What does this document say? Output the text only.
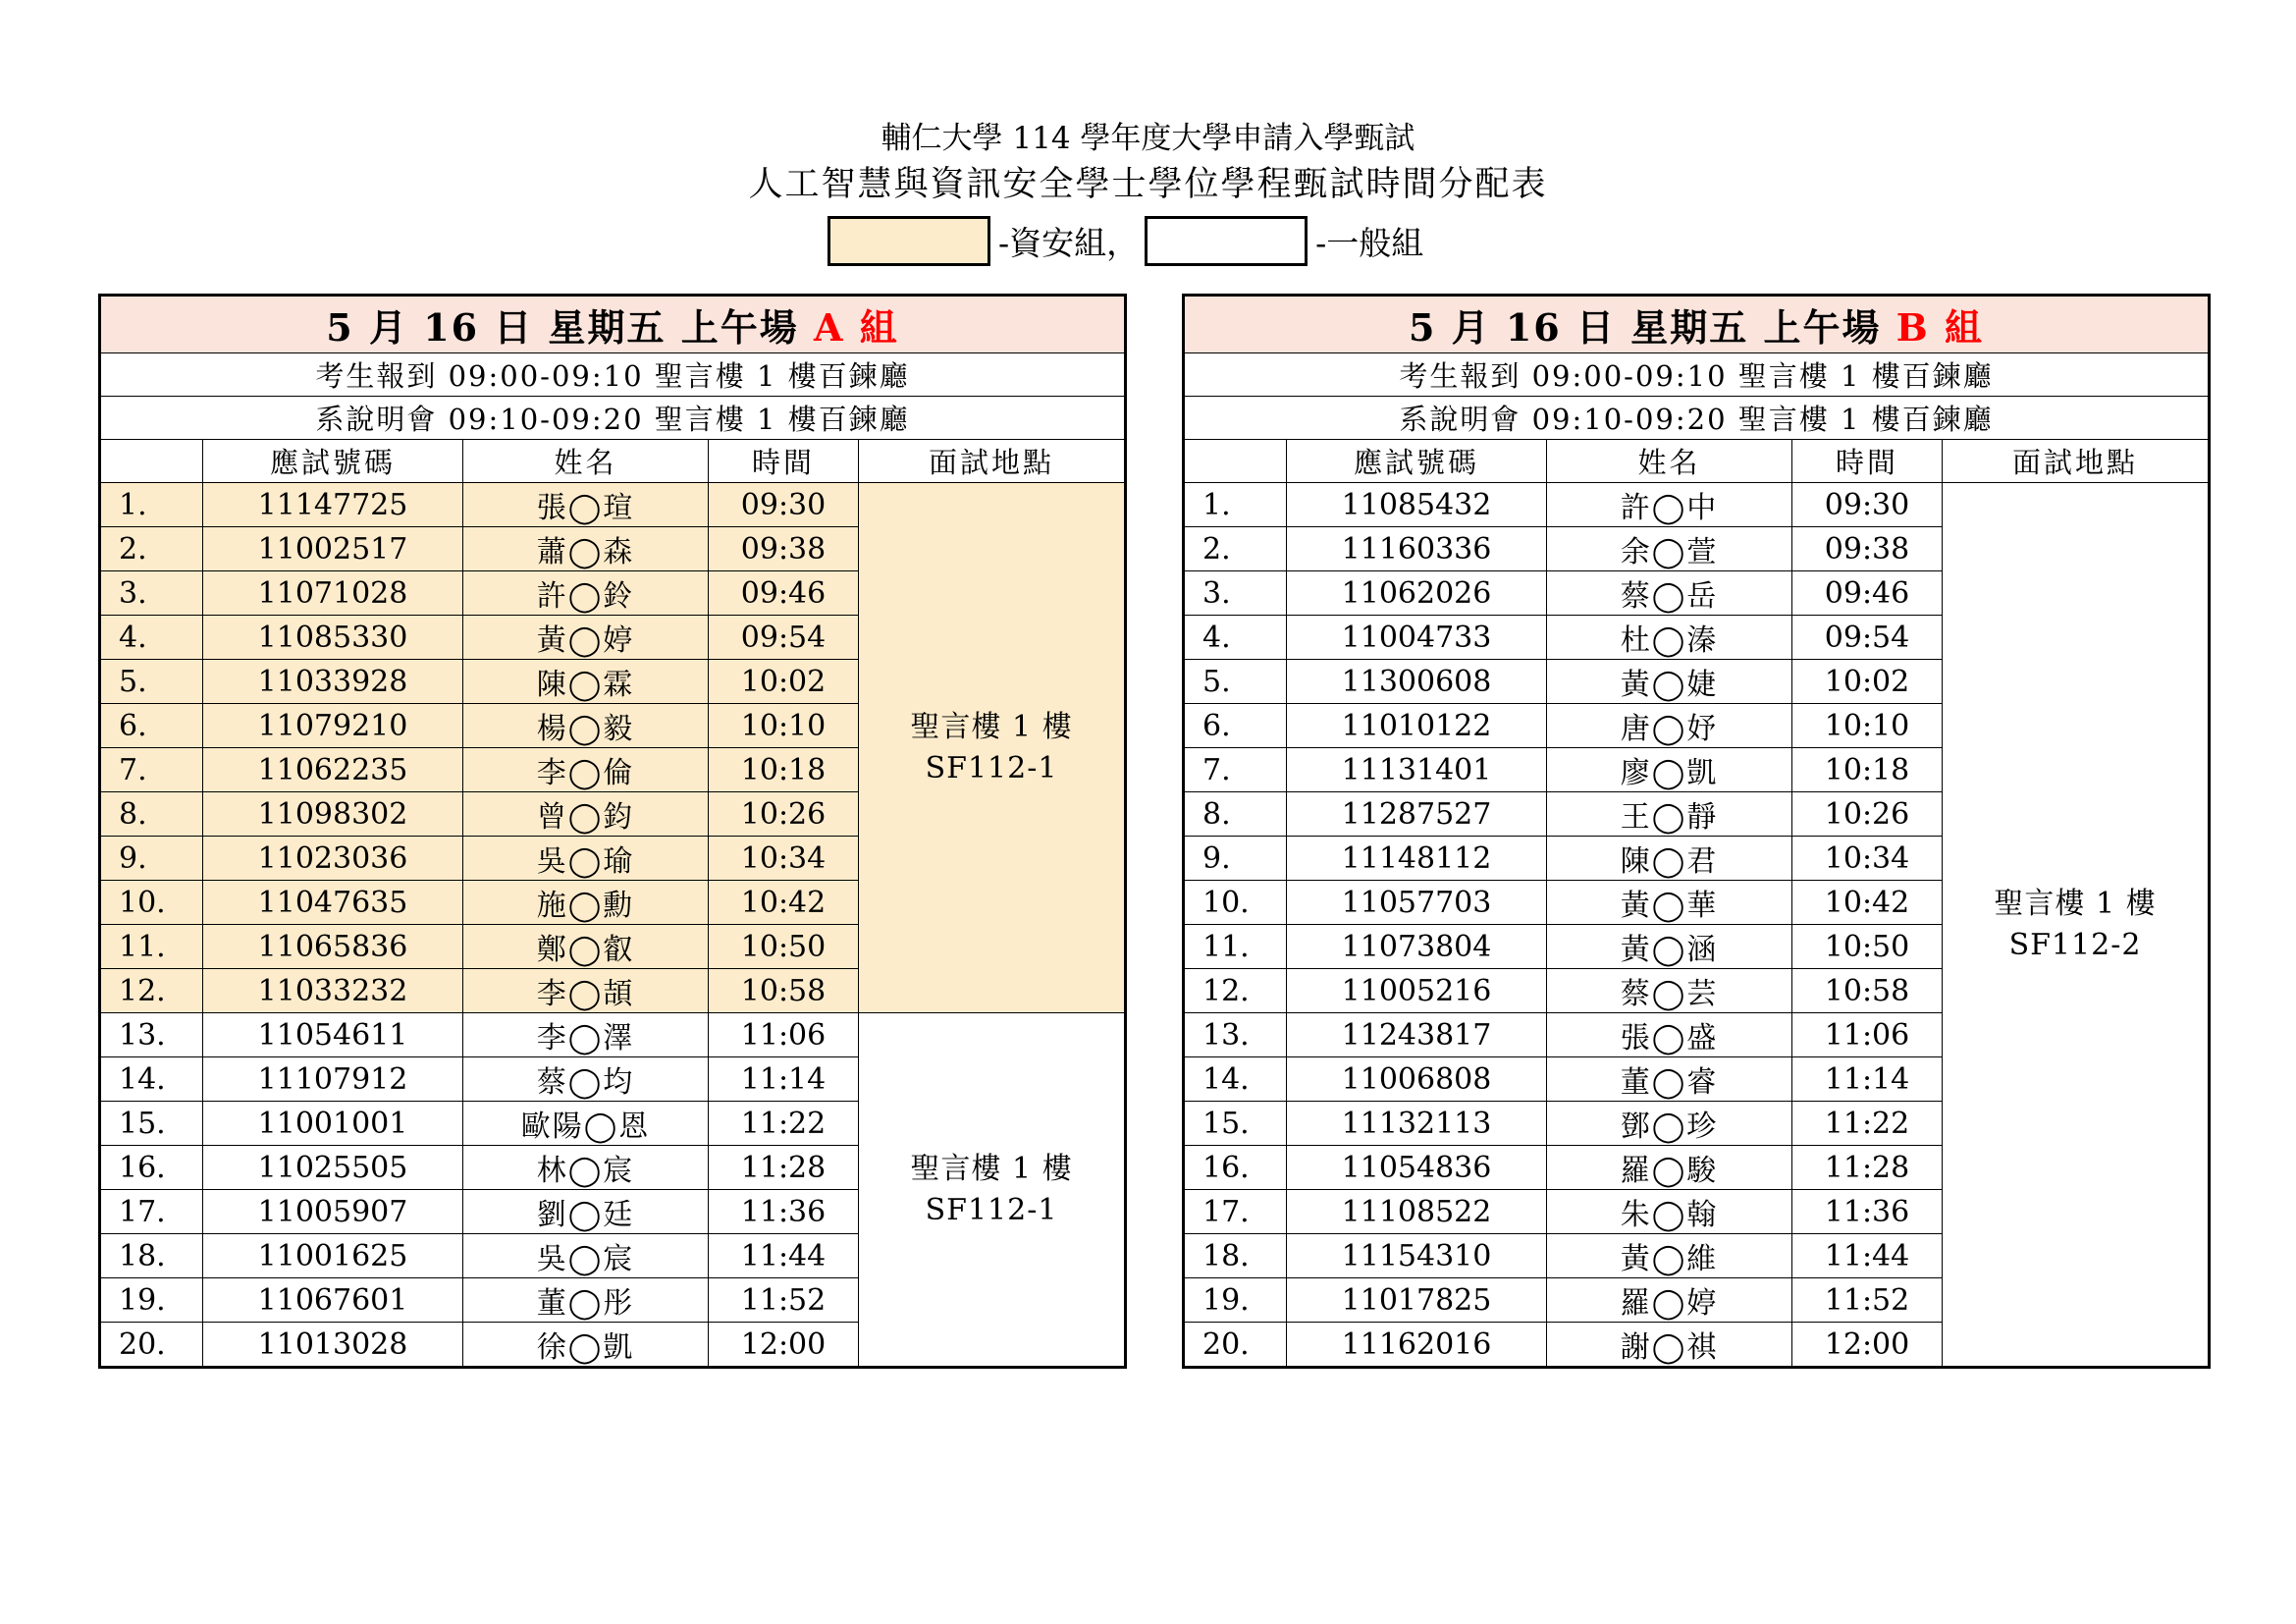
輔仁大學 114 學年度大學申請入學甄試
人工智慧與資訊安全學士學位學程甄試時間分配表
-資安組，	-一般組
5 月 16 日 星期五 上午場 A 組				
考生報到 09:00-09:10 聖言樓 1 樓百鍊廳				
系說明會 09:10-09:20 聖言樓 1 樓百鍊廳				
	應試號碼	姓名	時間	面試地點
1.	11147725	張◯瑄	09:30	聖言樓 1 樓
SF112-1

2.	11002517	蕭◯森	09:38	
3.	11071028	許◯鈴	09:46	
4.	11085330	黃◯婷	09:54	
5.	11033928	陳◯霖	10:02	
6.	11079210	楊◯毅	10:10	
7.	11062235	李◯倫	10:18	
8.	11098302	曾◯鈞	10:26	
9.	11023036	吳◯瑜	10:34	
10.	11047635	施◯勳	10:42	
11.	11065836	鄭◯叡	10:50	
12.	11033232	李◯頡	10:58	
13.	11054611	李◯澤	11:06	聖言樓 1 樓
SF112-1

14.	11107912	蔡◯均	11:14	
15.	11001001	歐陽◯恩	11:22	
16.	11025505	林◯宸	11:28	
17.	11005907	劉◯廷	11:36	
18.	11001625	吳◯宸	11:44	
19.	11067601	董◯彤	11:52	
20.	11013028	徐◯凱	12:00	
5 月 16 日 星期五 上午場 B 組				
考生報到 09:00-09:10 聖言樓 1 樓百鍊廳				
系說明會 09:10-09:20 聖言樓 1 樓百鍊廳				
	應試號碼	姓名	時間	面試地點
1.	11085432	許◯中	09:30	聖言樓 1 樓
SF112-2

2.	11160336	余◯萱	09:38	
3.	11062026	蔡◯岳	09:46	
4.	11004733	杜◯溱	09:54	
5.	11300608	黃◯婕	10:02	
6.	11010122	唐◯妤	10:10	
7.	11131401	廖◯凱	10:18	
8.	11287527	王◯靜	10:26	
9.	11148112	陳◯君	10:34	
10.	11057703	黃◯華	10:42	
11.	11073804	黃◯涵	10:50	
12.	11005216	蔡◯芸	10:58	
13.	11243817	張◯盛	11:06	
14.	11006808	董◯睿	11:14	
15.	11132113	鄧◯珍	11:22	
16.	11054836	羅◯駿	11:28	
17.	11108522	朱◯翰	11:36	
18.	11154310	黃◯維	11:44	
19.	11017825	羅◯婷	11:52	
20.	11162016	謝◯祺	12:00	
